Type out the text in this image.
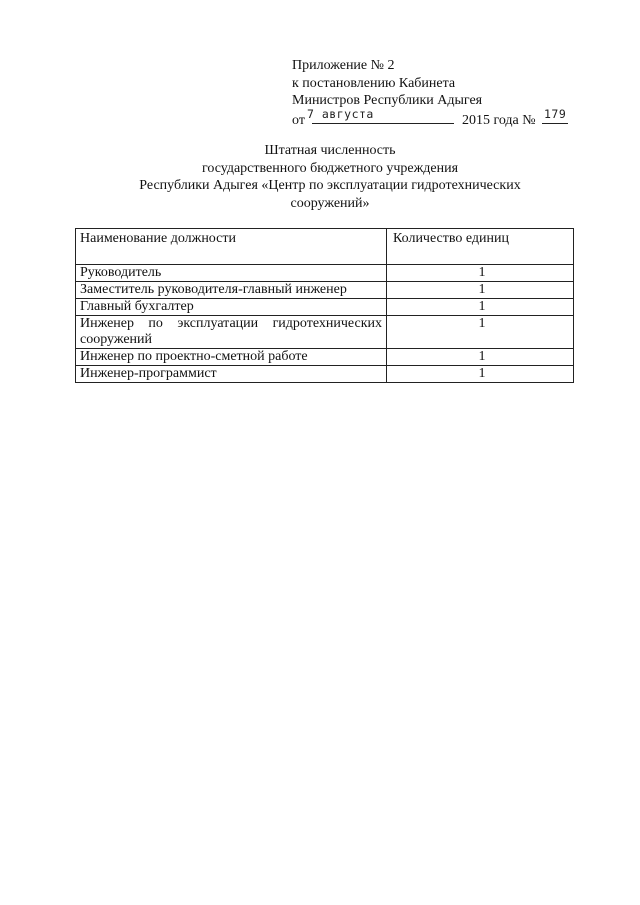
Приложение № 2
к постановлению Кабинета
Министров Республики Адыгея
от 7 августа	2015 года № 179
Штатная численность
государственного бюджетного учреждения
Республики Адыгея «Центр по эксплуатации гидротехнических
сооружений»
Наименование должности	Количество единиц
Руководитель	1
Заместитель руководителя-главный инженер	1
Главный бухгалтер	1
Инженер по эксплуатации гидротехнических сооружений	1
Инженер по проектно-сметной работе	1
Инженер-программист	1
